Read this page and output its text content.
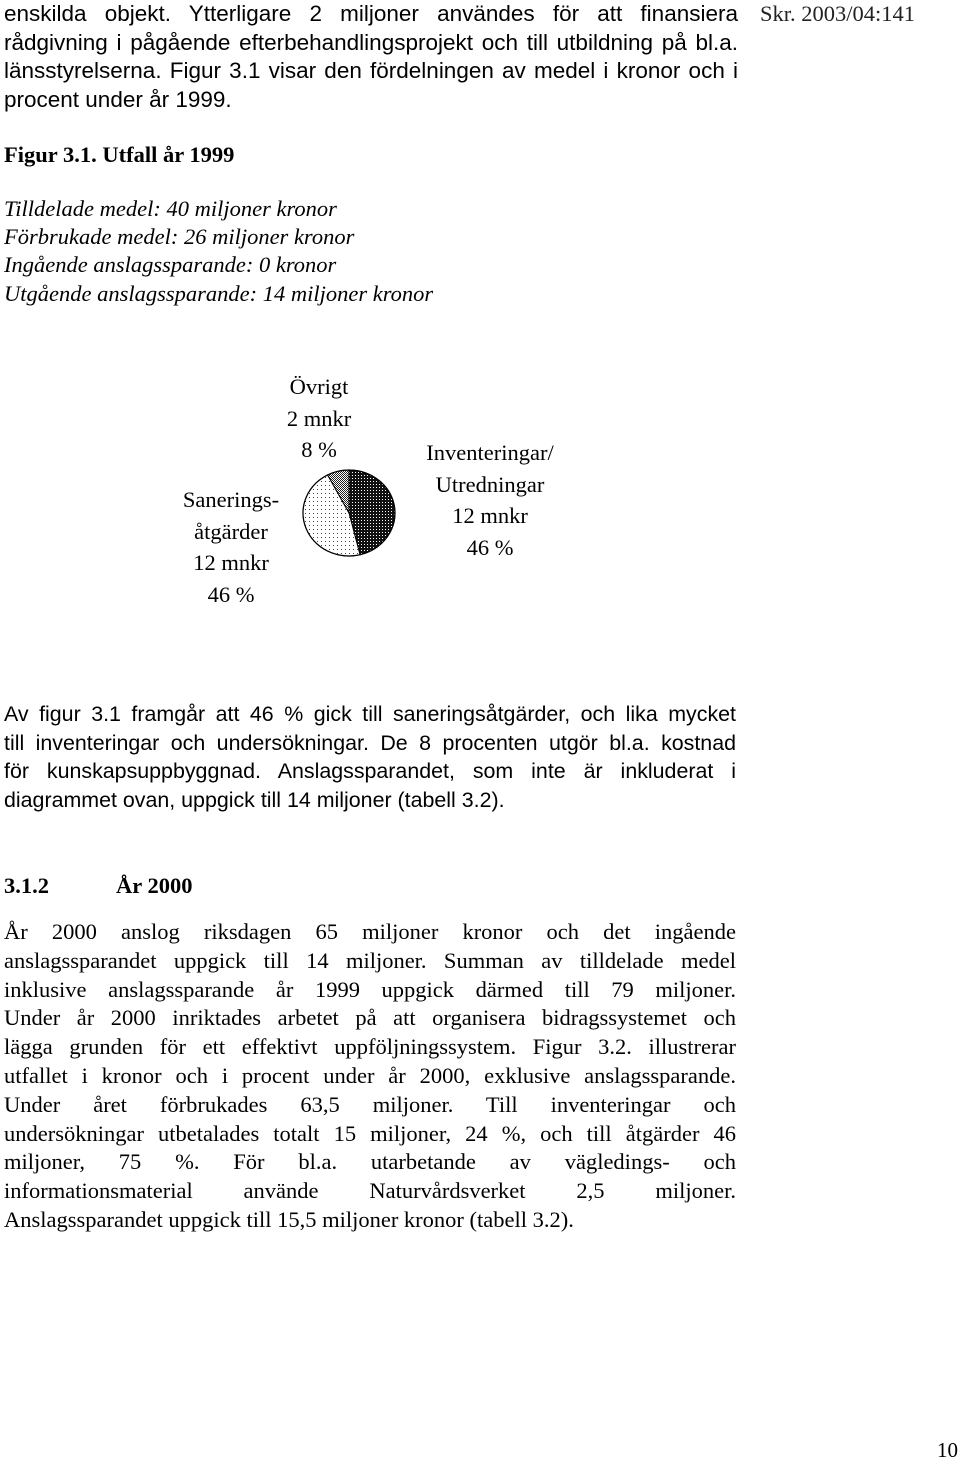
enskilda objekt. Ytterligare 2 miljoner användes för att finansiera
rådgivning i pågående efterbehandlingsprojekt och till utbildning på bl.a.
länsstyrelserna. Figur 3.1 visar den fördelningen av medel i kronor och i
procent under år 1999.
Skr. 2003/04:141
Figur 3.1. Utfall år 1999
Tilldelade medel: 40 miljoner kronor
Förbrukade medel: 26 miljoner kronor
Ingående anslagssparande: 0 kronor
Utgående anslagssparande: 14 miljoner kronor
Övrigt
2 mnkr
8 %	Inventeringar/
Utredningar
12 mnkr
46 %
Sanerings-
åtgärder
12 mnkr
46 %
Av figur 3.1 framgår att 46 % gick till saneringsåtgärder, och lika mycket
till inventeringar och undersökningar. De 8 procenten utgör bl.a. kostnad
för kunskapsuppbyggnad. Anslagssparandet, som inte är inkluderat i
diagrammet ovan, uppgick till 14 miljoner (tabell 3.2).
3.1.2	År 2000
År 2000 anslog riksdagen 65 miljoner kronor och det ingående
anslagssparandet uppgick till 14 miljoner. Summan av tilldelade medel
inklusive anslagssparande år 1999 uppgick därmed till 79 miljoner.
Under år 2000 inriktades arbetet på att organisera bidragssystemet och
lägga grunden för ett effektivt uppföljningssystem. Figur 3.2. illustrerar
utfallet i kronor och i procent under år 2000, exklusive anslagssparande.
Under året förbrukades 63,5 miljoner. Till inventeringar och
undersökningar utbetalades totalt 15 miljoner, 24 %, och till åtgärder 46
miljoner, 75 %. För bl.a. utarbetande av vägledings- och
informationsmaterial använde Naturvårdsverket 2,5 miljoner.
Anslagssparandet uppgick till 15,5 miljoner kronor (tabell 3.2).
10
